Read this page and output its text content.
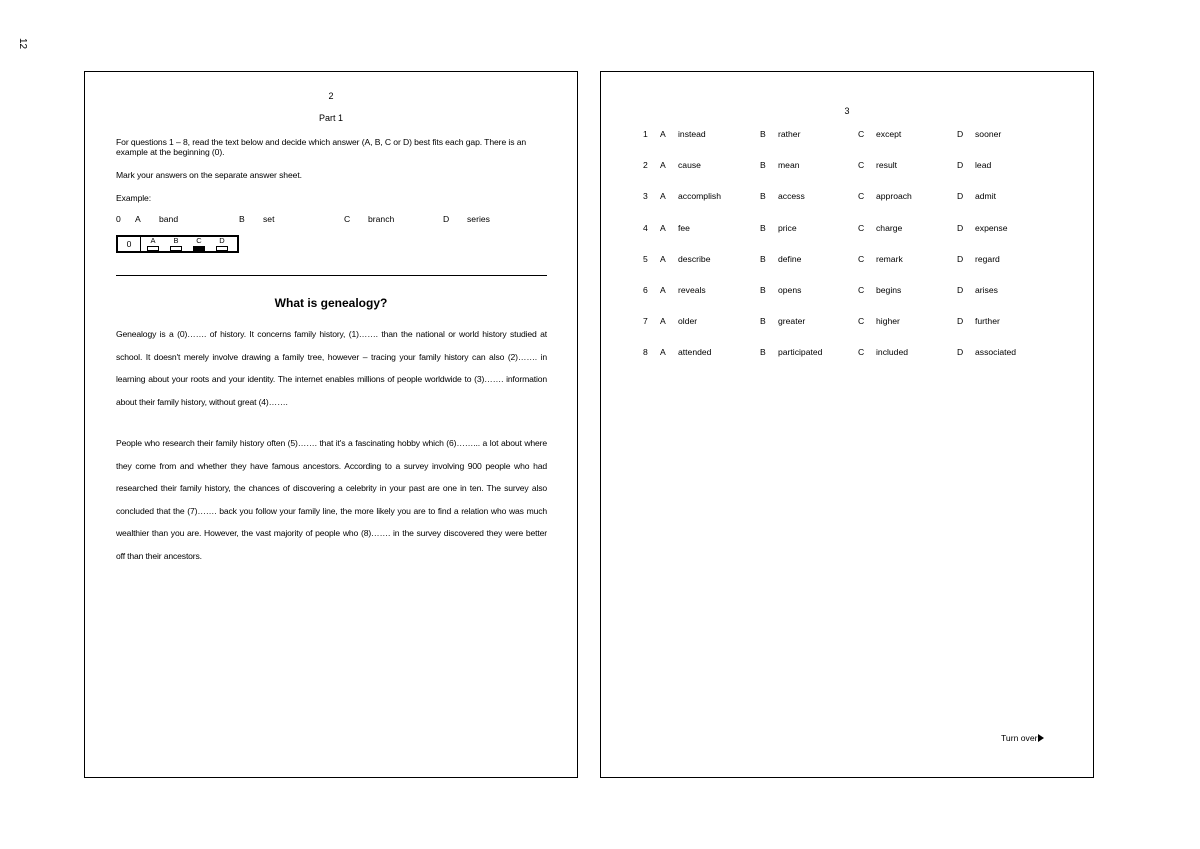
12
2
Part 1
For questions 1 – 8, read the text below and decide which answer (A, B, C or D) best fits each gap. There is an example at the beginning (0).
Mark your answers on the separate answer sheet.
Example:
0 A band	B set	C branch	D series
0	A	B	C	D
What is genealogy?
Genealogy is a (0)……. of history. It concerns family history, (1)……. than the national or world history studied at school. It doesn't merely involve drawing a family tree, however – tracing your family history can also (2)……. in learning about your roots and your identity. The internet enables millions of people worldwide to (3)……. information about their family history, without great (4)…….
People who research their family history often (5)……. that it's a fascinating hobby which (6)……... a lot about where they come from and whether they have famous ancestors. According to a survey involving 900 people who had researched their family history, the chances of discovering a celebrity in your past are one in ten. The survey also concluded that the (7)……. back you follow your family line, the more likely you are to find a relation who was much wealthier than you are. However, the vast majority of people who (8)……. in the survey discovered they were better off than their ancestors.
3
1 A instead	B rather	C except	D sooner
2 A cause	B mean	C result	D lead
3 A accomplish	B access	C approach	D admit
4 A fee	B price	C charge	D expense
5 A describe	B define	C remark	D regard
6 A reveals	B opens	C begins	D arises
7 A older	B greater	C higher	D further
8 A attended	B participated	C included	D associated
Turn over
